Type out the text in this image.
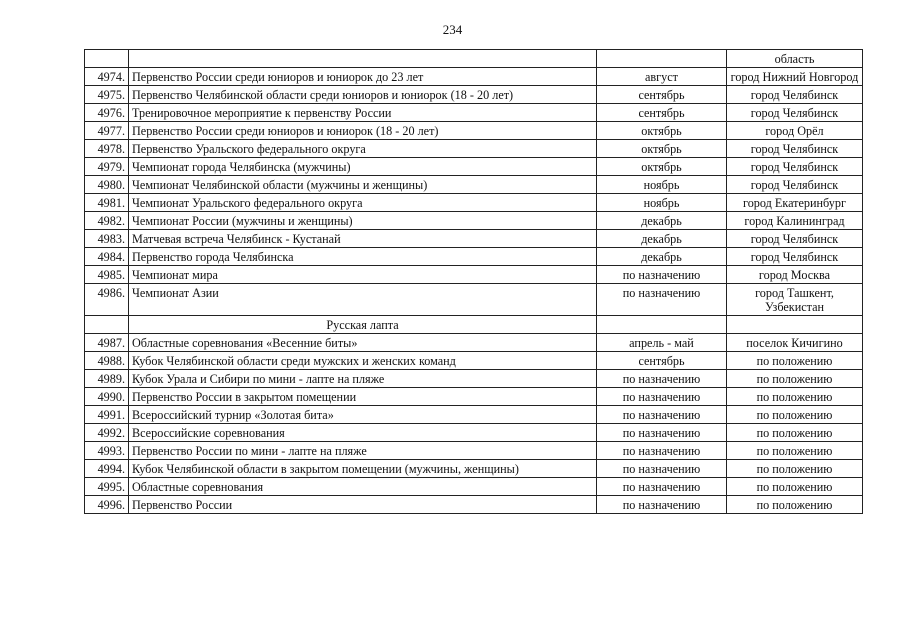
234
			область
4974.	Первенство России среди юниоров и юниорок до 23 лет	август	город Нижний Новгород
4975.	Первенство Челябинской области среди юниоров и юниорок (18 - 20 лет)	сентябрь	город Челябинск
4976.	Тренировочное мероприятие к первенству России	сентябрь	город Челябинск
4977.	Первенство России среди юниоров и юниорок (18 - 20 лет)	октябрь	город Орёл
4978.	Первенство Уральского федерального округа	октябрь	город Челябинск
4979.	Чемпионат города Челябинска (мужчины)	октябрь	город Челябинск
4980.	Чемпионат Челябинской области (мужчины и женщины)	ноябрь	город Челябинск
4981.	Чемпионат Уральского федерального округа	ноябрь	город Екатеринбург
4982.	Чемпионат России (мужчины и женщины)	декабрь	город Калининград
4983.	Матчевая встреча Челябинск - Кустанай	декабрь	город Челябинск
4984.	Первенство города Челябинска	декабрь	город Челябинск
4985.	Чемпионат мира	по назначению	город Москва
4986.	Чемпионат Азии	по назначению	город Ташкент, Узбекистан
	Русская лапта		
4987.	Областные соревнования «Весенние биты»	апрель - май	поселок Кичигино
4988.	Кубок Челябинской области среди мужских и женских команд	сентябрь	по положению
4989.	Кубок Урала и Сибири по мини - лапте на пляже	по назначению	по положению
4990.	Первенство России в закрытом помещении	по назначению	по положению
4991.	Всероссийский турнир «Золотая бита»	по назначению	по положению
4992.	Всероссийские соревнования	по назначению	по положению
4993.	Первенство России по мини - лапте на пляже	по назначению	по положению
4994.	Кубок Челябинской области в закрытом помещении (мужчины, женщины)	по назначению	по положению
4995.	Областные соревнования	по назначению	по положению
4996.	Первенство России	по назначению	по положению
